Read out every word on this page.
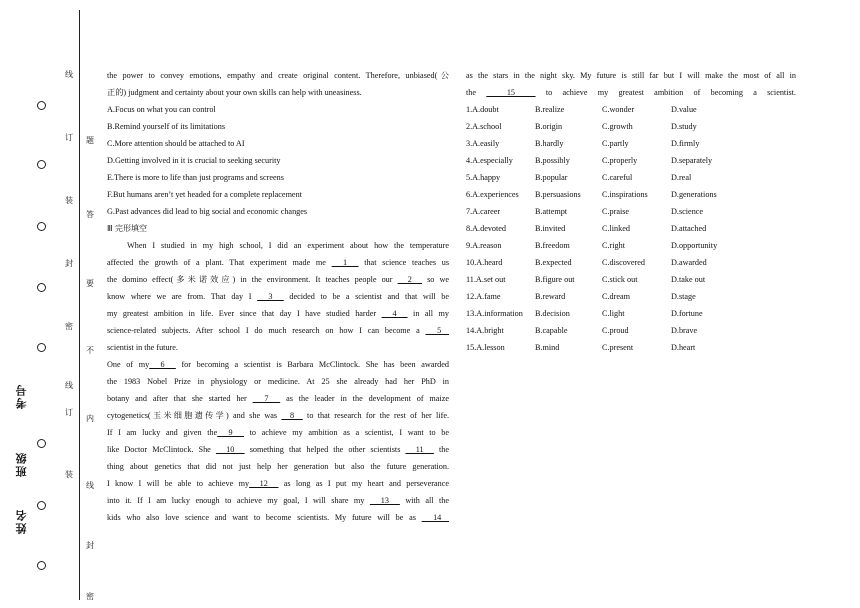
线
订
装
封
密
线
订
装
题
答
要
不
内
线
封
密
考号
班级
姓名

the power to convey emotions, empathy and create original content. Therefore, unbiased(公

正的) judgment and certainty about your own skills can help with uneasiness.

A.Focus on what you can control

B.Remind yourself of its limitations

C.More attention should be attached to AI

D.Getting involved in it is crucial to seeking security

E.There is more to life than just programs and screens

F.But humans aren’t yet headed for a complete replacement

G.Past advances did lead to big social and economic changes

Ⅲ 完形填空

When I studied in my high school, I did an experiment about how the temperature

affected the growth of a plant. That experiment made me   1   that science teaches us

the domino effect(多米诺效应) in the environment. It teaches people our   2   so we

know where we are from. That day I   3   decided to be a scientist and that will be

my greatest ambition in life. Ever since that day I have studied harder   4   in all my

science-related subjects. After school I do much research on how I can become a   5

scientist in the future.

One of my  6   for becoming a scientist is Barbara McClintock. She has been awarded

the 1983 Nobel Prize in physiology or medicine. At 25 she already had her PhD in

botany and after that she started her   7   as the leader in the development of maize

cytogenetics(玉米细胞遗传学) and she was   8   to that research for the rest of her life.

If I am lucky and given the  9   to achieve my ambition as a scientist, I want to be

like Doctor McClintock. She   10   something that helped the other scientists   11   the

thing about genetics that did not just help her generation but also the future generation.

I know I will be able to achieve my  12   as long as I put my heart and perseverance

into it. If I am lucky enough to achieve my goal, I will share my   13   with all the

kids who also love science and want to become scientists. My future will be as   14

as the stars in the night sky. My future is still far but I will make the most of all in

the   15   to achieve my greatest ambition of becoming a scientist.

1.A.doubt	B.realize	C.wonder	D.value
2.A.school	B.origin	C.growth	D.study
3.A.easily	B.hardly	C.partly	D.firmly
4.A.especially	B.possibly	C.properly	D.separately
5.A.happy	B.popular	C.careful	D.real
6.A.experiences	B.persuasions	C.inspirations	D.generations
7.A.career	B.attempt	C.praise	D.science
8.A.devoted	B.invited	C.linked	D.attached
9.A.reason	B.freedom	C.right	D.opportunity
10.A.heard	B.expected	C.discovered	D.awarded
11.A.set out	B.figure out	C.stick out	D.take out
12.A.fame	B.reward	C.dream	D.stage
13.A.information	B.decision	C.light	D.fortune
14.A.bright	B.capable	C.proud	D.brave
15.A.lesson	B.mind	C.present	D.heart
